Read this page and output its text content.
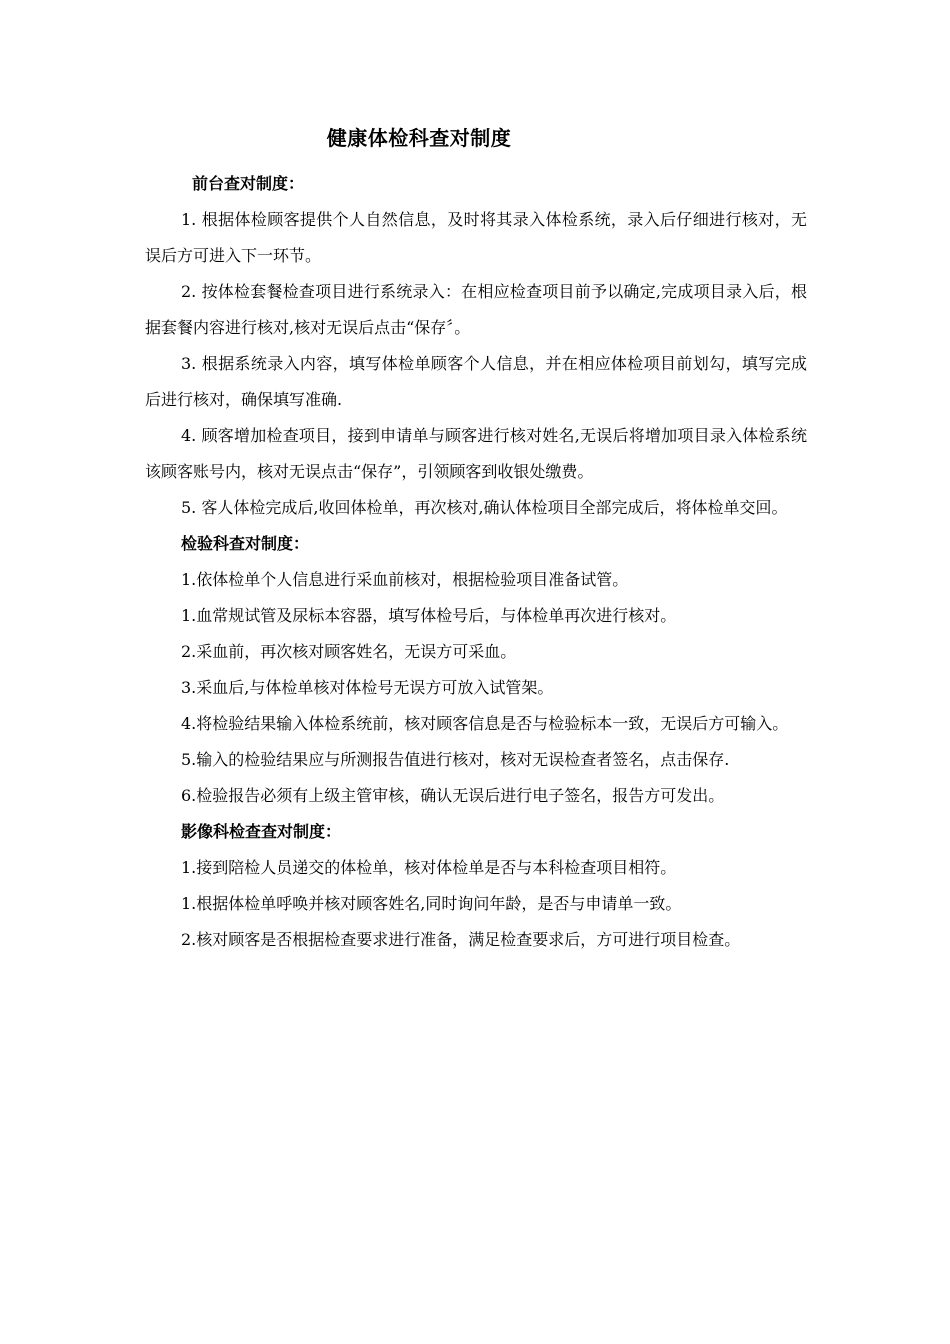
健康体检科查对制度
前台查对制度：

1. 根据体检顾客提供个人自然信息，及时将其录入体检系统，录入后仔细进行核对，无误后方可进入下一环节。

2. 按体检套餐检查项目进行系统录入：在相应检查项目前予以确定,完成项目录入后，根据套餐内容进行核对,核对无误后点击“保存〞。

3. 根据系统录入内容，填写体检单顾客个人信息，并在相应体检项目前划勾，填写完成后进行核对，确保填写准确.

4. 顾客增加检查项目，接到申请单与顾客进行核对姓名,无误后将增加项目录入体检系统该顾客账号内，核对无误点击“保存”，引领顾客到收银处缴费。

5. 客人体检完成后,收回体检单，再次核对,确认体检项目全部完成后，将体检单交回。

检验科查对制度：

1.依体检单个人信息进行采血前核对，根据检验项目准备试管。

1.血常规试管及尿标本容器，填写体检号后，与体检单再次进行核对。

2.采血前，再次核对顾客姓名，无误方可采血。

3.采血后,与体检单核对体检号无误方可放入试管架。

4.将检验结果输入体检系统前，核对顾客信息是否与检验标本一致，无误后方可输入。

5.输入的检验结果应与所测报告值进行核对，核对无误检查者签名，点击保存.

6.检验报告必须有上级主管审核，确认无误后进行电子签名，报告方可发出。

影像科检查查对制度：

1.接到陪检人员递交的体检单，核对体检单是否与本科检查项目相符。

1.根据体检单呼唤并核对顾客姓名,同时询问年龄，是否与申请单一致。

2.核对顾客是否根据检查要求进行准备，满足检查要求后，方可进行项目检查。
